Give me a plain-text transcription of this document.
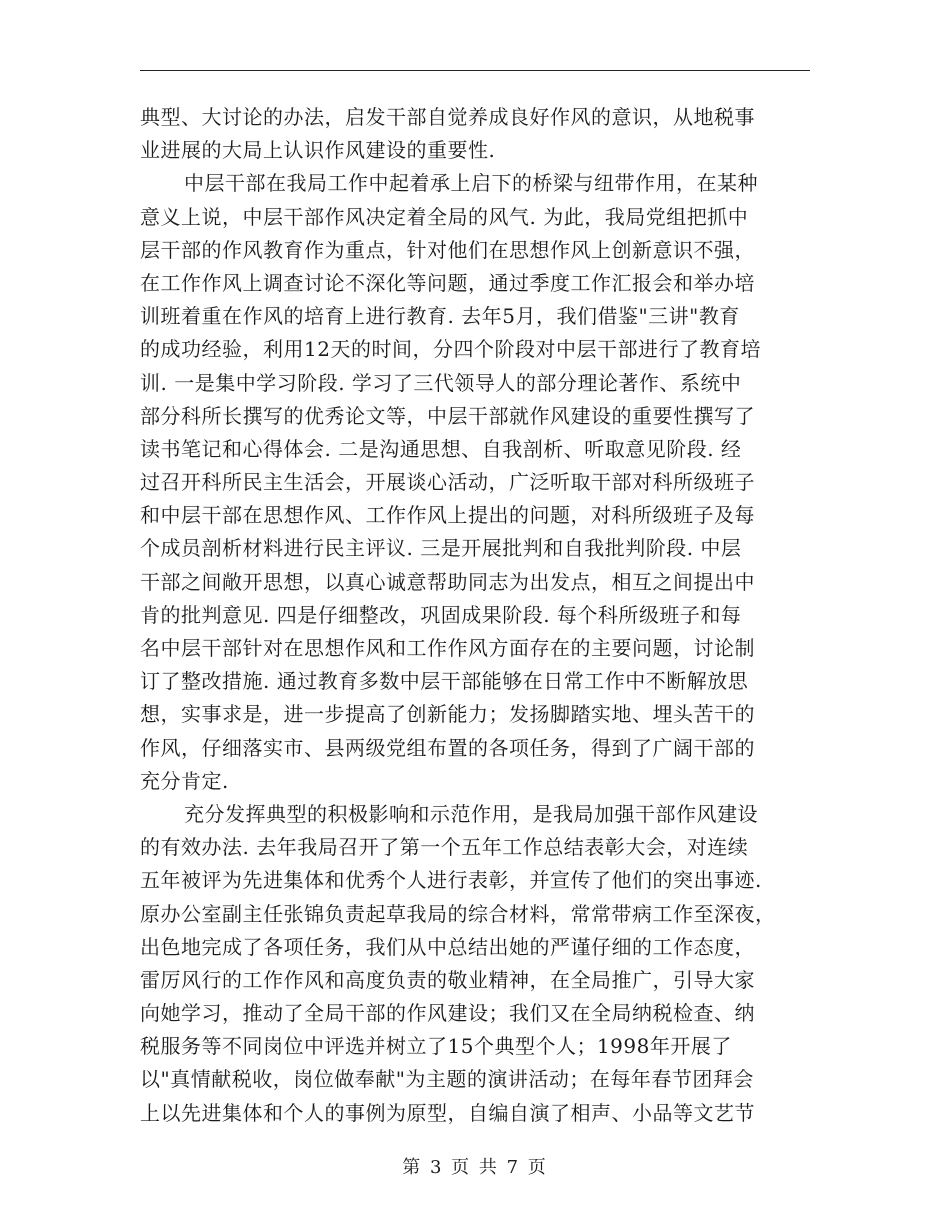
典型、大讨论的办法，启发干部自觉养成良好作风的意识，从地税事
业进展的大局上认识作风建设的重要性.
中层干部在我局工作中起着承上启下的桥梁与纽带作用，在某种
意义上说，中层干部作风决定着全局的风气. 为此，我局党组把抓中
层干部的作风教育作为重点，针对他们在思想作风上创新意识不强，
在工作作风上调查讨论不深化等问题，通过季度工作汇报会和举办培
训班着重在作风的培育上进行教育. 去年5月，我们借鉴"三讲"教育
的成功经验，利用12天的时间，分四个阶段对中层干部进行了教育培
训. 一是集中学习阶段. 学习了三代领导人的部分理论著作、系统中
部分科所长撰写的优秀论文等，中层干部就作风建设的重要性撰写了
读书笔记和心得体会. 二是沟通思想、自我剖析、听取意见阶段. 经
过召开科所民主生活会，开展谈心活动，广泛听取干部对科所级班子
和中层干部在思想作风、工作作风上提出的问题，对科所级班子及每
个成员剖析材料进行民主评议. 三是开展批判和自我批判阶段. 中层
干部之间敞开思想，以真心诚意帮助同志为出发点，相互之间提出中
肯的批判意见. 四是仔细整改，巩固成果阶段. 每个科所级班子和每
名中层干部针对在思想作风和工作作风方面存在的主要问题，讨论制
订了整改措施. 通过教育多数中层干部能够在日常工作中不断解放思
想，实事求是，进一步提高了创新能力；发扬脚踏实地、埋头苦干的
作风，仔细落实市、县两级党组布置的各项任务，得到了广阔干部的
充分肯定.
充分发挥典型的积极影响和示范作用，是我局加强干部作风建设
的有效办法. 去年我局召开了第一个五年工作总结表彰大会，对连续
五年被评为先进集体和优秀个人进行表彰，并宣传了他们的突出事迹.
原办公室副主任张锦负责起草我局的综合材料，常常带病工作至深夜，
出色地完成了各项任务，我们从中总结出她的严谨仔细的工作态度，
雷厉风行的工作作风和高度负责的敬业精神，在全局推广，引导大家
向她学习，推动了全局干部的作风建设；我们又在全局纳税检查、纳
税服务等不同岗位中评选并树立了15个典型个人；1998年开展了
以"真情献税收，岗位做奉献"为主题的演讲活动；在每年春节团拜会
上以先进集体和个人的事例为原型，自编自演了相声、小品等文艺节
第 3 页 共 7 页
